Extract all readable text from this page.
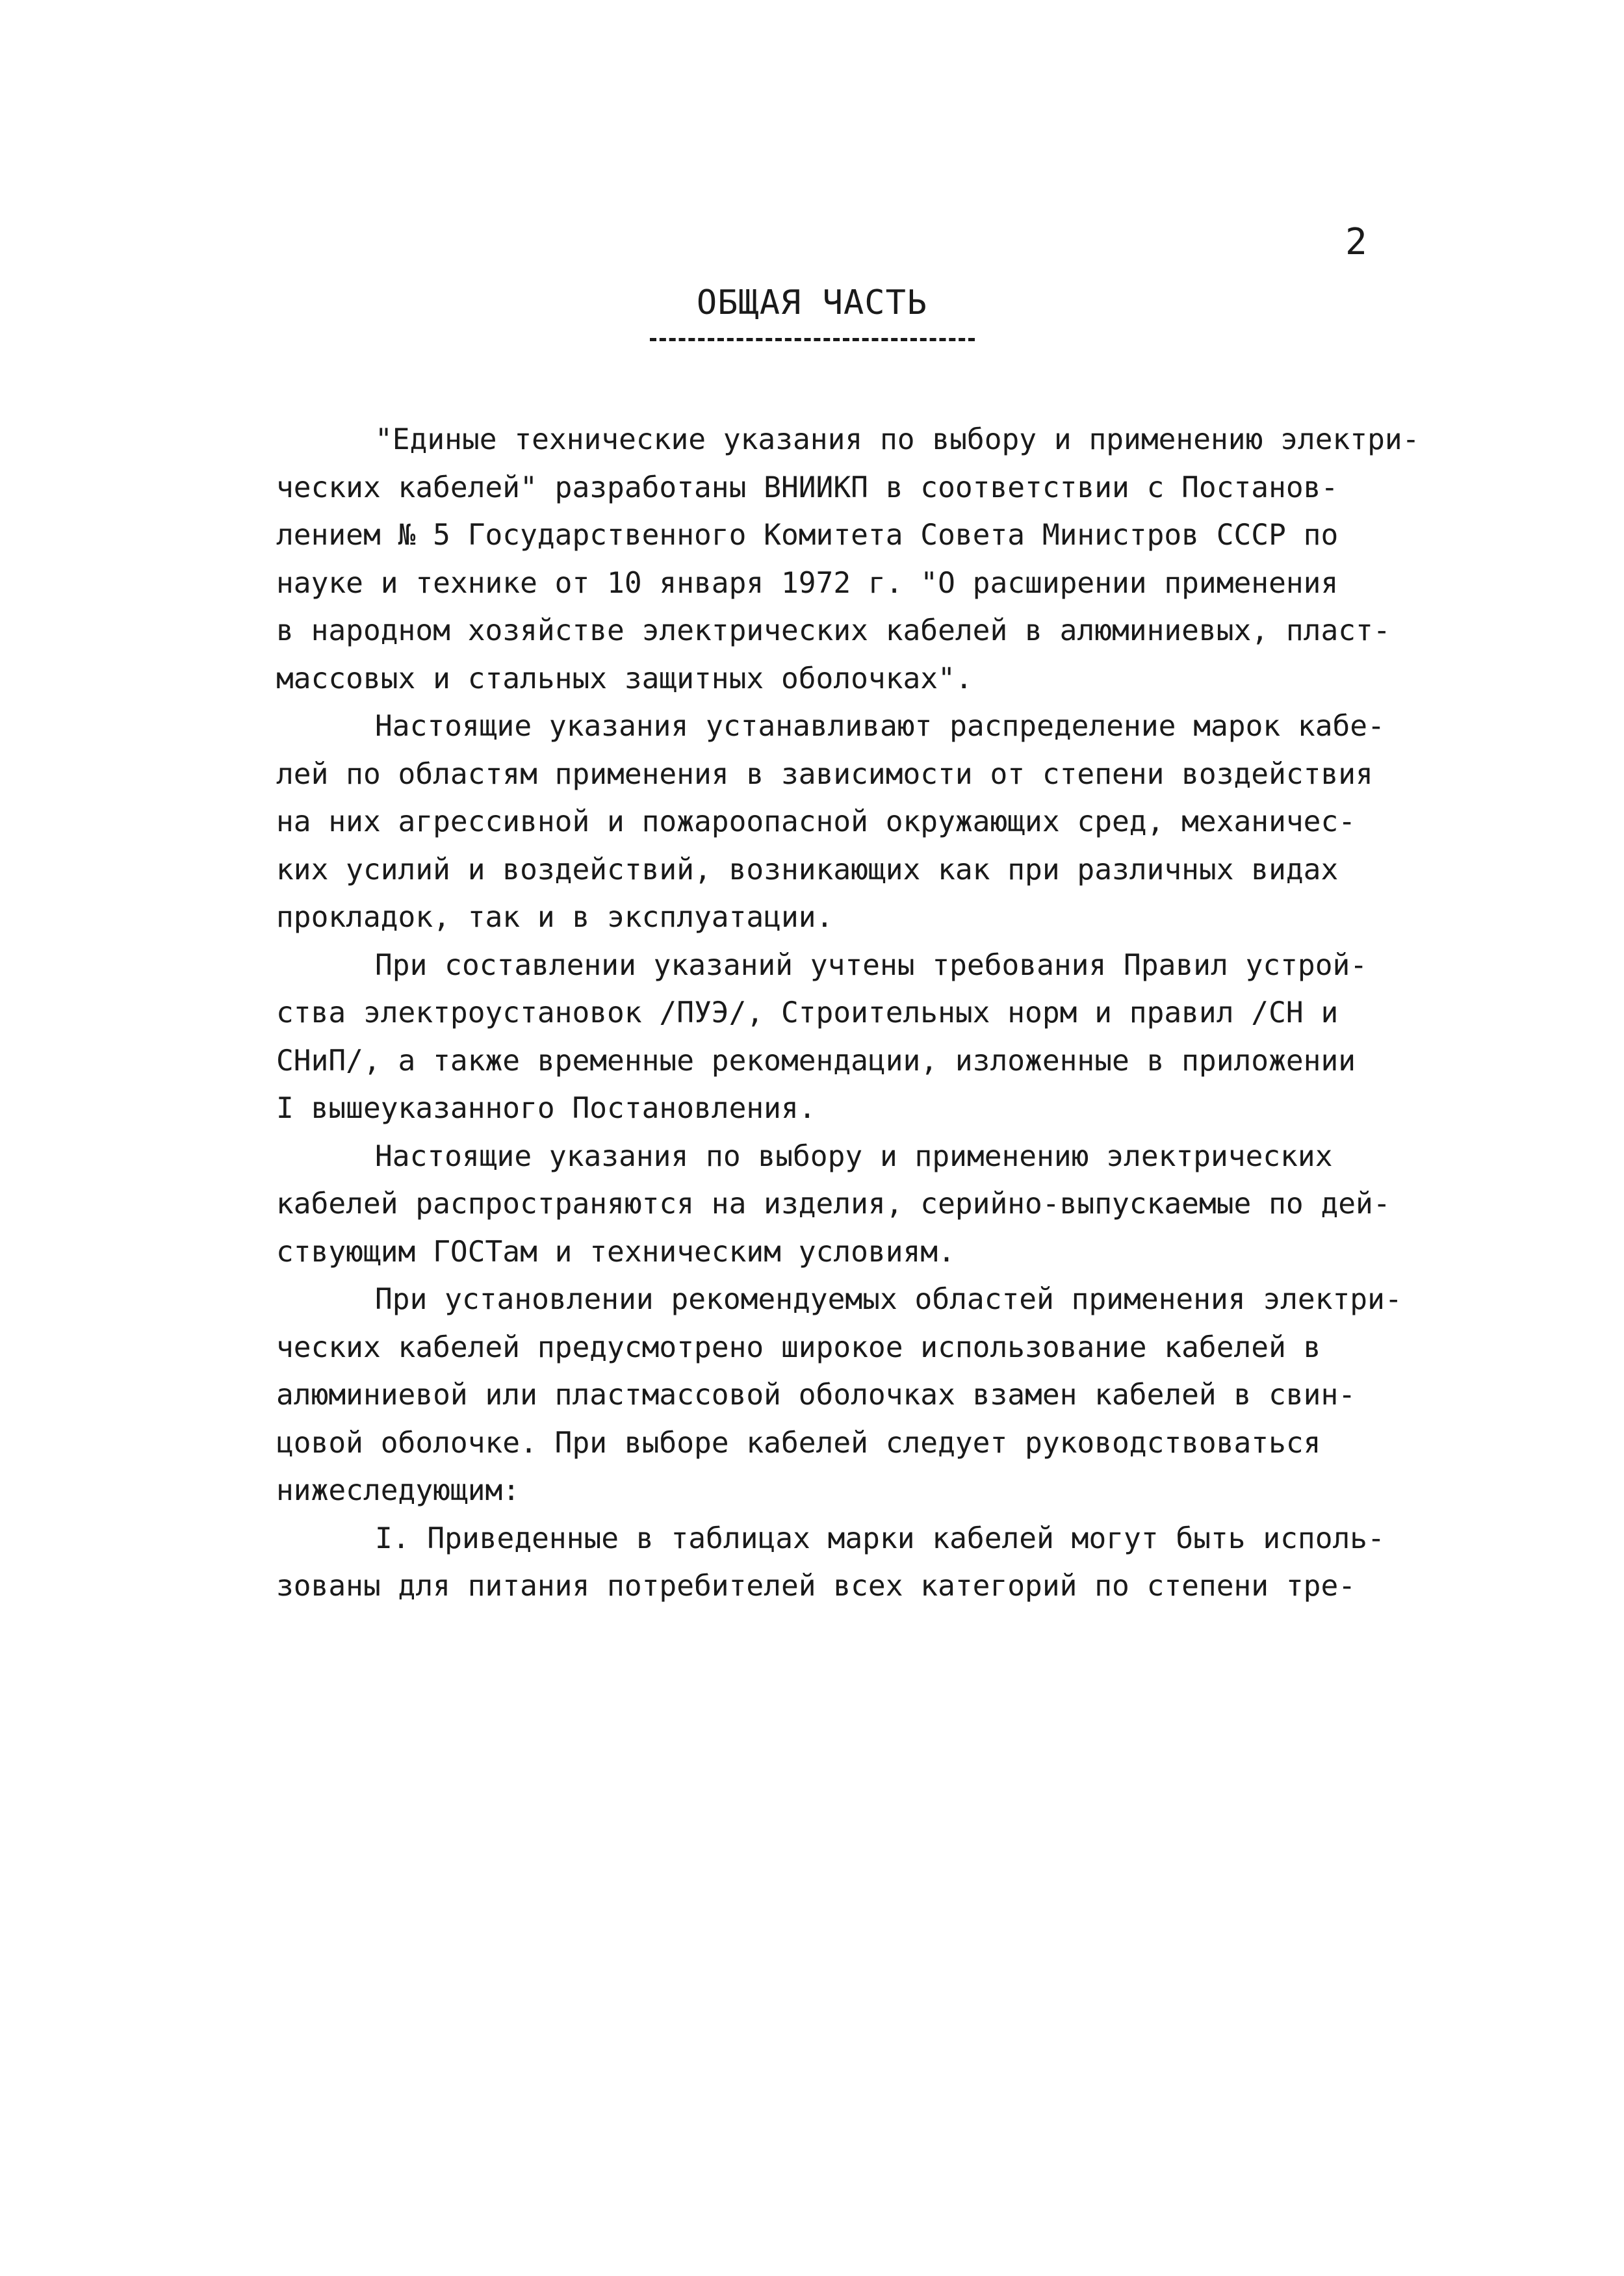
2
ОБЩАЯ ЧАСТЬ
"Единые технические указания по выбору и применению электри-
ческих кабелей" разработаны ВНИИКП в соответствии с Постанов-
лением № 5 Государственного Комитета Совета Министров СССР по
науке и технике от 10 января 1972 г. "О расширении применения
в народном хозяйстве электрических кабелей в алюминиевых, пласт-
массовых и стальных защитных оболочках".
Настоящие указания устанавливают распределение марок кабе-
лей по областям применения в зависимости от степени воздействия
на них агрессивной и пожароопасной окружающих сред, механичес-
ких усилий и воздействий, возникающих как при различных видах
прокладок, так и в эксплуатации.
При составлении указаний учтены требования Правил устрой-
ства электроустановок /ПУЭ/, Строительных норм и правил /СН и
СНиП/, а также временные рекомендации, изложенные в приложении
I вышеуказанного Постановления.
Настоящие указания по выбору и применению электрических
кабелей распространяются на изделия, серийно-выпускаемые по дей-
ствующим ГОСТам и техническим условиям.
При установлении рекомендуемых областей применения электри-
ческих кабелей предусмотрено широкое использование кабелей в
алюминиевой или пластмассовой оболочках взамен кабелей в свин-
цовой оболочке. При выборе кабелей следует руководствоваться
нижеследующим:
I. Приведенные в таблицах марки кабелей могут быть исполь-
зованы для питания потребителей всех категорий по степени тре-
